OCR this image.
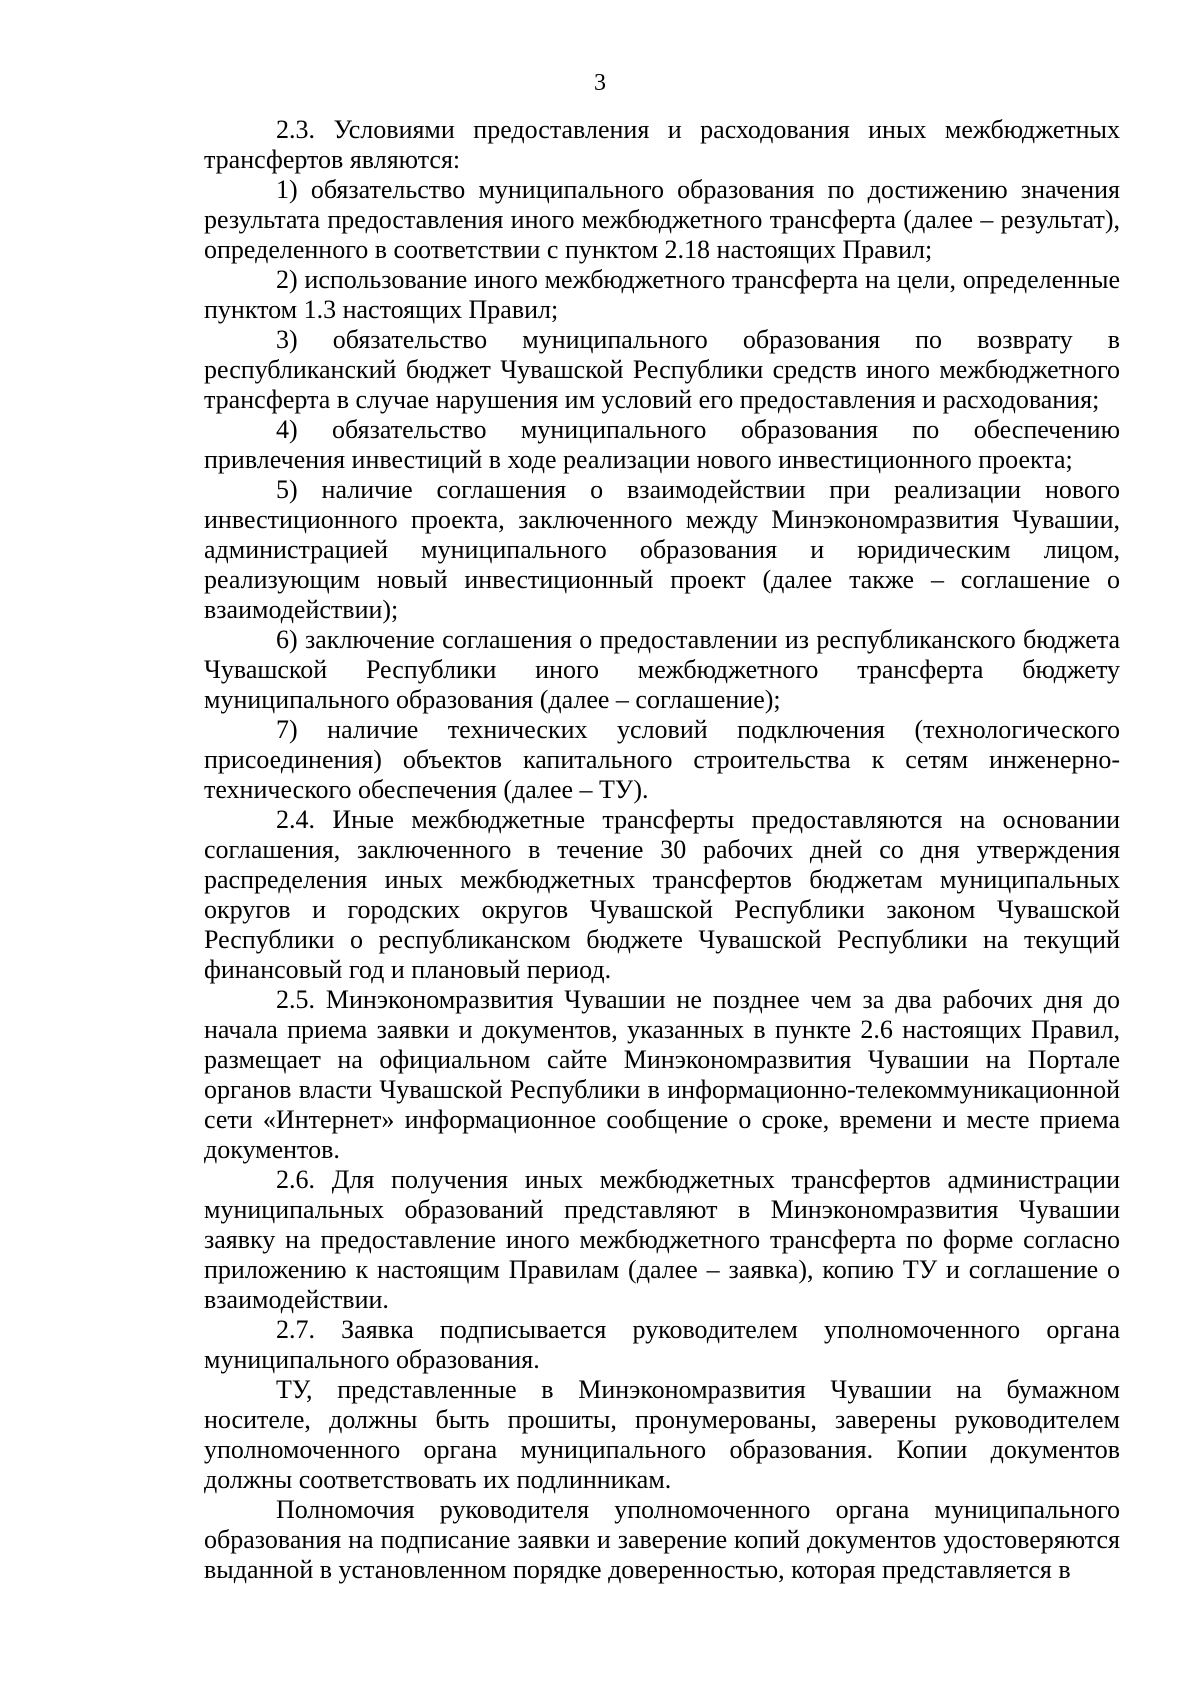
3

2.3. Условиями предоставления и расходования иных межбюджетных трансфертов являются:

1) обязательство муниципального образования по достижению значения результата предоставления иного межбюджетного трансферта (далее – результат), определенного в соответствии с пунктом 2.18 настоящих Правил;

2) использование иного межбюджетного трансферта на цели, определенные пунктом 1.3 настоящих Правил;

3) обязательство муниципального образования по возврату в республиканский бюджет Чувашской Республики средств иного межбюджетного трансферта в случае нарушения им условий его предоставления и расходования;

4) обязательство муниципального образования по обеспечению привлечения инвестиций в ходе реализации нового инвестиционного проекта;

5) наличие соглашения о взаимодействии при реализации нового инвестиционного проекта, заключенного между Минэкономразвития Чувашии, администрацией муниципального образования и юридическим лицом, реализующим новый инвестиционный проект (далее также – соглашение о взаимодействии);

6) заключение соглашения о предоставлении из республиканского бюджета Чувашской Республики иного межбюджетного трансферта бюджету муниципального образования (далее – соглашение);

7) наличие технических условий подключения (технологического присоединения) объектов капитального строительства к сетям инженерно-технического обеспечения (далее – ТУ).

2.4. Иные межбюджетные трансферты предоставляются на основании соглашения, заключенного в течение 30 рабочих дней со дня утверждения распределения иных межбюджетных трансфертов бюджетам муниципальных округов и городских округов Чувашской Республики законом Чувашской Республики о республиканском бюджете Чувашской Республики на текущий финансовый год и плановый период.

2.5. Минэкономразвития Чувашии не позднее чем за два рабочих дня до начала приема заявки и документов, указанных в пункте 2.6 настоящих Правил, размещает на официальном сайте Минэкономразвития Чувашии на Портале органов власти Чувашской Республики в информационно-телекоммуникационной сети «Интернет» информационное сообщение о сроке, времени и месте приема документов.

2.6. Для получения иных межбюджетных трансфертов администрации муниципальных образований представляют в Минэкономразвития Чувашии заявку на предоставление иного межбюджетного трансферта по форме согласно приложению к настоящим Правилам (далее – заявка), копию ТУ и соглашение о взаимодействии.

2.7. Заявка подписывается руководителем уполномоченного органа муниципального образования.

ТУ, представленные в Минэкономразвития Чувашии на бумажном носителе, должны быть прошиты, пронумерованы, заверены руководителем уполномоченного органа муниципального образования. Копии документов должны соответствовать их подлинникам.

Полномочия руководителя уполномоченного органа муниципального образования на подписание заявки и заверение копий документов удостоверяются выданной в установленном порядке доверенностью, которая представляется в
